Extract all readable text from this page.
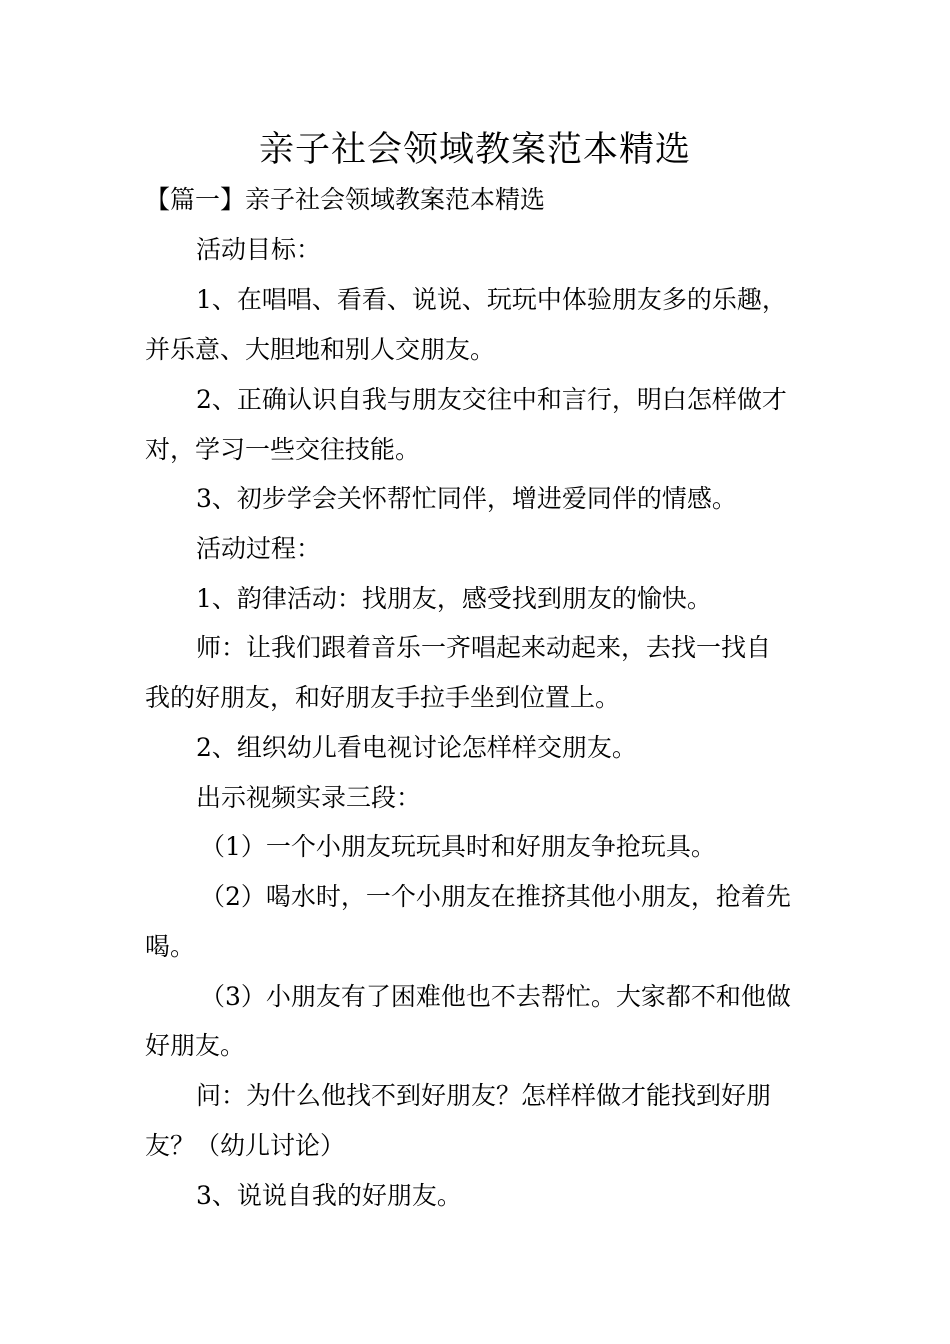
亲子社会领域教案范本精选
【篇一】亲子社会领域教案范本精选
活动目标：
1、在唱唱、看看、说说、玩玩中体验朋友多的乐趣，
并乐意、大胆地和别人交朋友。
2、正确认识自我与朋友交往中和言行，明白怎样做才
对，学习一些交往技能。
3、初步学会关怀帮忙同伴，增进爱同伴的情感。
活动过程：
1、韵律活动：找朋友，感受找到朋友的愉快。
师：让我们跟着音乐一齐唱起来动起来，去找一找自
我的好朋友，和好朋友手拉手坐到位置上。
2、组织幼儿看电视讨论怎样样交朋友。
出示视频实录三段：
（1）一个小朋友玩玩具时和好朋友争抢玩具。
（2）喝水时，一个小朋友在推挤其他小朋友，抢着先
喝。
（3）小朋友有了困难他也不去帮忙。大家都不和他做
好朋友。
问：为什么他找不到好朋友？怎样样做才能找到好朋
友？（幼儿讨论）
3、说说自我的好朋友。
